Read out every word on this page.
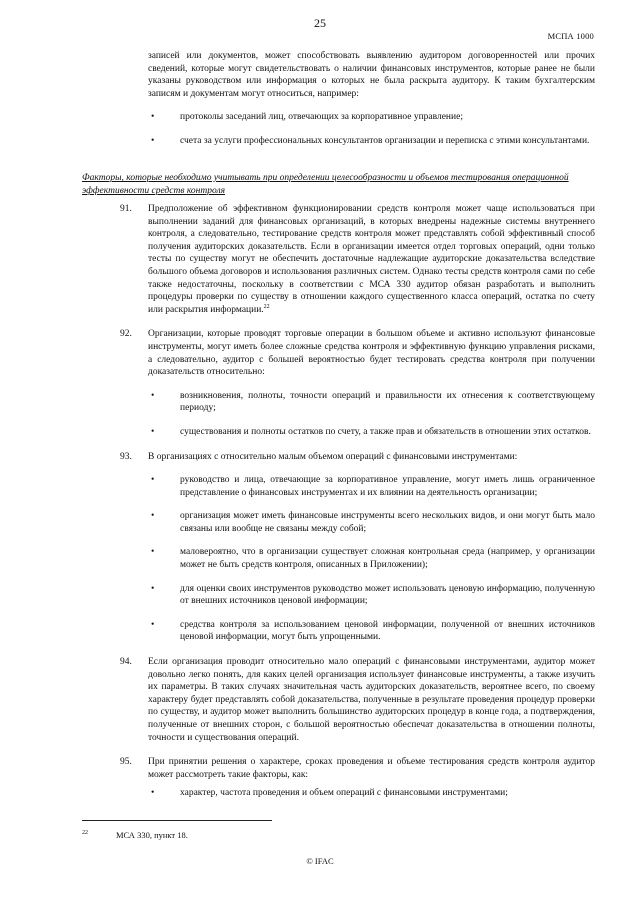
25
МСПА 1000

записей или документов, может способствовать выявлению аудитором договоренностей или прочих сведений, которые могут свидетельствовать о наличии финансовых инструментов, которые ранее не были указаны руководством или информация о которых не была раскрыта аудитору. К таким бухгалтерским записям и документам могут относиться, например:

•	протоколы заседаний лиц, отвечающих за корпоративное управление;
•	счета за услуги профессиональных консультантов организации и переписка с этими консультантами.
Факторы, которые необходимо учитывать при определении целесообразности и объемов тестирования операционной эффективности средств контроля
91. Предположение об эффективном функционировании средств контроля может чаще использоваться при выполнении заданий для финансовых организаций, в которых внедрены надежные системы внутреннего контроля, а следовательно, тестирование средств контроля может представлять собой эффективный способ получения аудиторских доказательств. Если в организации имеется отдел торговых операций, одни только тесты по существу могут не обеспечить достаточные надлежащие аудиторские доказательства вследствие большого объема договоров и использования различных систем. Однако тесты средств контроля сами по себе также недостаточны, поскольку в соответствии с МСА 330 аудитор обязан разработать и выполнить процедуры проверки по существу в отношении каждого существенного класса операций, остатка по счету или раскрытия информации.$^{22}$
92. Организации, которые проводят торговые операции в большом объеме и активно используют финансовые инструменты, могут иметь более сложные средства контроля и эффективную функцию управления рисками, а следовательно, аудитор с большей вероятностью будет тестировать средства контроля при получении доказательств относительно:
•	возникновения, полноты, точности операций и правильности их отнесения к соответствующему периоду;
•	существования и полноты остатков по счету, а также прав и обязательств в отношении этих остатков.
93. В организациях с относительно малым объемом операций с финансовыми инструментами:
•	руководство и лица, отвечающие за корпоративное управление, могут иметь лишь ограниченное представление о финансовых инструментах и их влиянии на деятельность организации;
•	организация может иметь финансовые инструменты всего нескольких видов, и они могут быть мало связаны или вообще не связаны между собой;
•	маловероятно, что в организации существует сложная контрольная среда (например, у организации может не быть средств контроля, описанных в Приложении);
•	для оценки своих инструментов руководство может использовать ценовую информацию, полученную от внешних источников ценовой информации;
•	средства контроля за использованием ценовой информации, полученной от внешних источников ценовой информации, могут быть упрощенными.
94. Если организация проводит относительно мало операций с финансовыми инструментами, аудитор может довольно легко понять, для каких целей организация использует финансовые инструменты, а также изучить их параметры. В таких случаях значительная часть аудиторских доказательств, вероятнее всего, по своему характеру будет представлять собой доказательства, полученные в результате проведения процедур проверки по существу, и аудитор может выполнить большинство аудиторских процедур в конце года, а подтверждения, полученные от внешних сторон, с большой вероятностью обеспечат доказательства в отношении полноты, точности и существования операций.
95. При принятии решения о характере, сроках проведения и объеме тестирования средств контроля аудитор может рассмотреть такие факторы, как:
•	характер, частота проведения и объем операций с финансовыми инструментами;
22	МСА 330, пункт 18.
© IFAC
